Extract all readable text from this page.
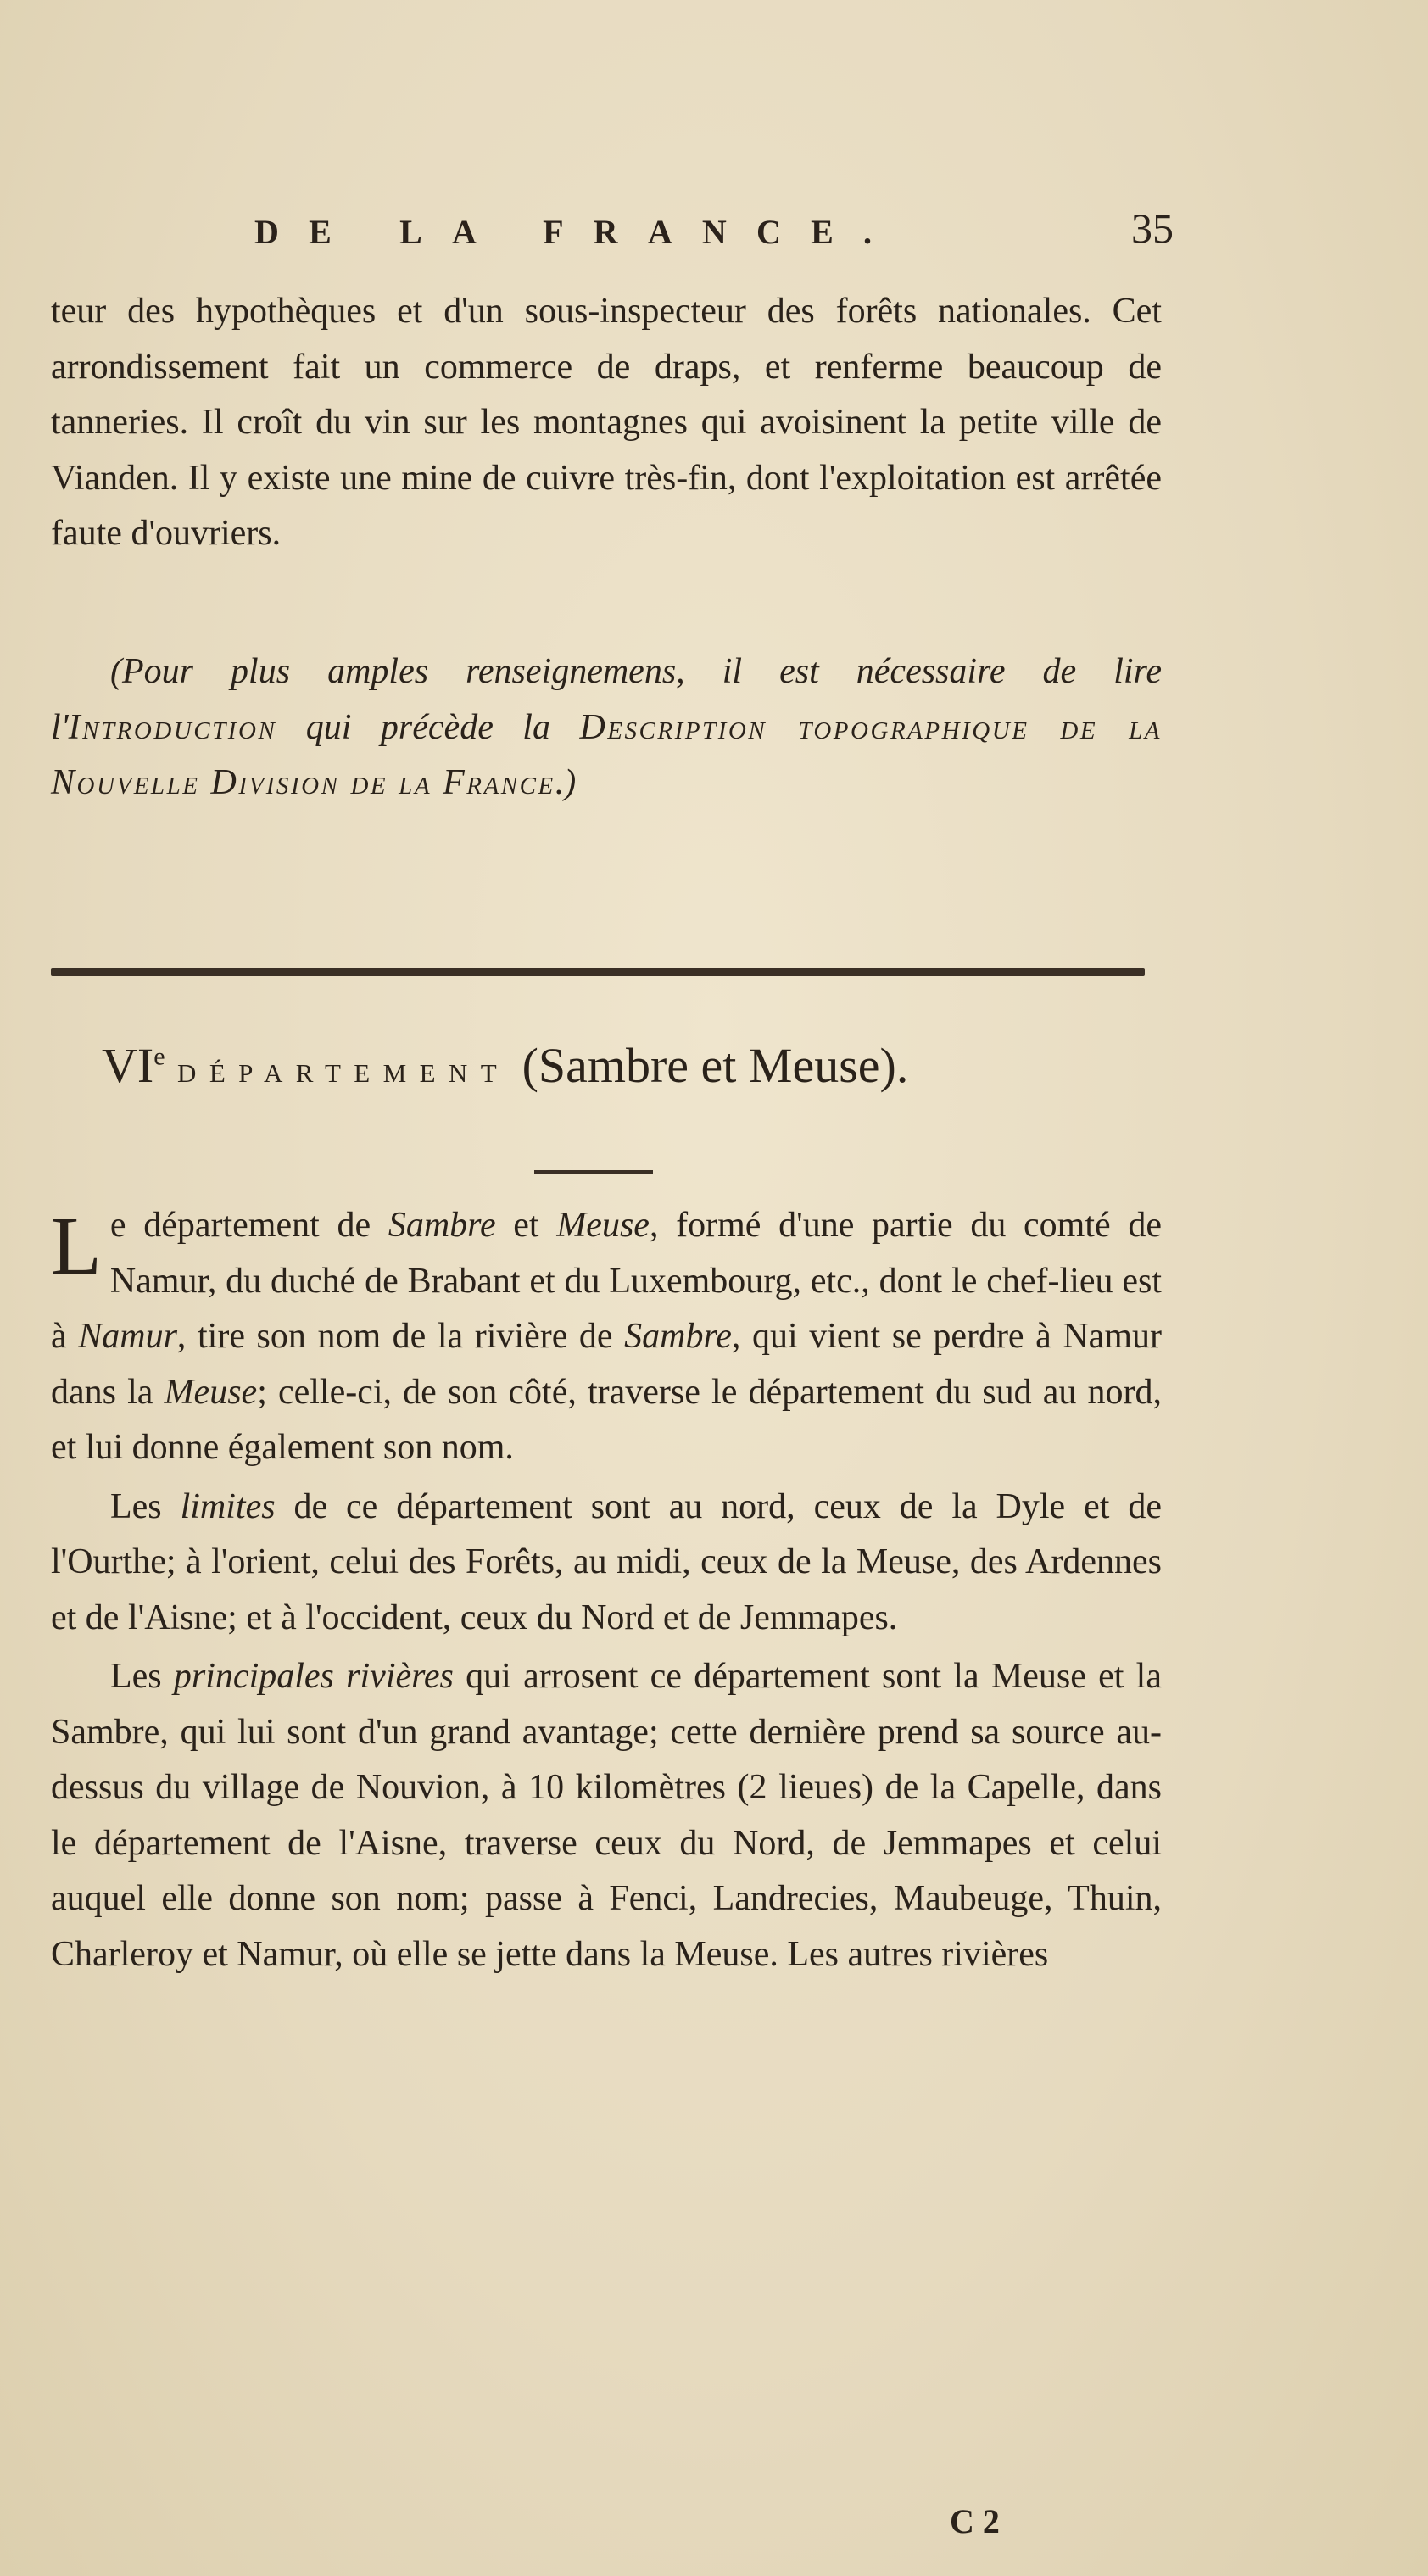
DE LA FRANCE.	35

teur des hypothèques et d'un sous-inspecteur des forêts nationales. Cet arrondissement fait un commerce de draps, et renferme beaucoup de tanneries. Il croît du vin sur les montagnes qui avoisinent la petite ville de Vianden. Il y existe une mine de cuivre très-fin, dont l'exploitation est arrêtée faute d'ouvriers.

(Pour plus amples renseignemens, il est nécessaire de lire l'Introduction qui précède la Description topographique de la Nouvelle Division de la France.)

VIe département (Sambre et Meuse).

Le département de Sambre et Meuse, formé d'une partie du comté de Namur, du duché de Brabant et du Luxembourg, etc., dont le chef-lieu est à Namur, tire son nom de la rivière de Sambre, qui vient se perdre à Namur dans la Meuse; celle-ci, de son côté, traverse le département du sud au nord, et lui donne également son nom.

Les limites de ce département sont au nord, ceux de la Dyle et de l'Ourthe; à l'orient, celui des Forêts, au midi, ceux de la Meuse, des Ardennes et de l'Aisne; et à l'occident, ceux du Nord et de Jemmapes.

Les principales rivières qui arrosent ce département sont la Meuse et la Sambre, qui lui sont d'un grand avantage; cette dernière prend sa source au-dessus du village de Nouvion, à 10 kilomètres (2 lieues) de la Capelle, dans le département de l'Aisne, traverse ceux du Nord, de Jemmapes et celui auquel elle donne son nom; passe à Fenci, Landrecies, Maubeuge, Thuin, Charleroy et Namur, où elle se jette dans la Meuse. Les autres rivières

C 2
